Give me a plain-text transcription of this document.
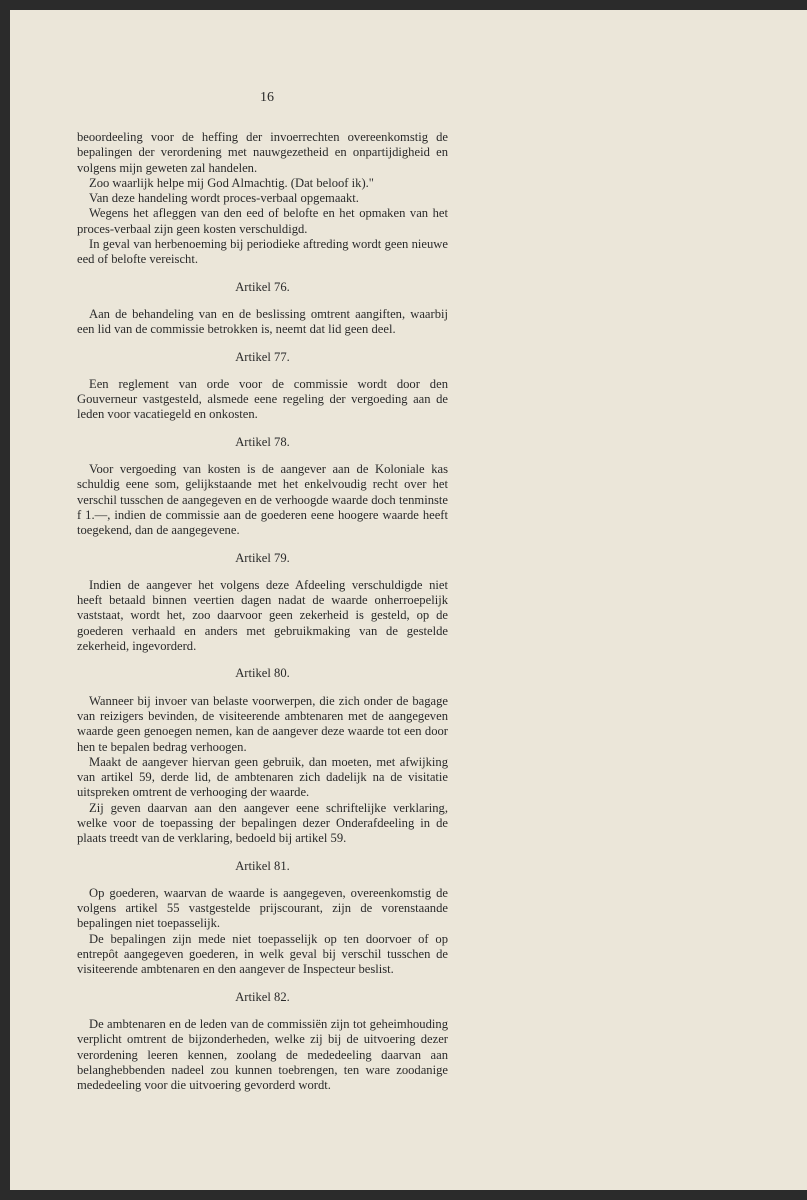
16

beoordeeling voor de heffing der invoerrechten overeenkomstig de bepalingen der verordening met nauwgezetheid en onpartijdigheid en volgens mijn geweten zal handelen.

Zoo waarlijk helpe mij God Almachtig. (Dat beloof ik)."

Van deze handeling wordt proces-verbaal opgemaakt.

Wegens het afleggen van den eed of belofte en het opmaken van het proces-verbaal zijn geen kosten verschuldigd.

In geval van herbenoeming bij periodieke aftreding wordt geen nieuwe eed of belofte vereischt.

Artikel 76.

Aan de behandeling van en de beslissing omtrent aangiften, waarbij een lid van de commissie betrokken is, neemt dat lid geen deel.

Artikel 77.

Een reglement van orde voor de commissie wordt door den Gouverneur vastgesteld, alsmede eene regeling der vergoeding aan de leden voor vacatiegeld en onkosten.

Artikel 78.

Voor vergoeding van kosten is de aangever aan de Koloniale kas schuldig eene som, gelijkstaande met het enkelvoudig recht over het verschil tusschen de aangegeven en de verhoogde waarde doch tenminste f 1.—, indien de commissie aan de goederen eene hoogere waarde heeft toegekend, dan de aangegevene.

Artikel 79.

Indien de aangever het volgens deze Afdeeling verschuldigde niet heeft betaald binnen veertien dagen nadat de waarde onherroepelijk vaststaat, wordt het, zoo daarvoor geen zekerheid is gesteld, op de goederen verhaald en anders met gebruikmaking van de gestelde zekerheid, ingevorderd.

Artikel 80.

Wanneer bij invoer van belaste voorwerpen, die zich onder de bagage van reizigers bevinden, de visiteerende ambtenaren met de aangegeven waarde geen genoegen nemen, kan de aangever deze waarde tot een door hen te bepalen bedrag verhoogen.

Maakt de aangever hiervan geen gebruik, dan moeten, met afwijking van artikel 59, derde lid, de ambtenaren zich dadelijk na de visitatie uitspreken omtrent de verhooging der waarde.

Zij geven daarvan aan den aangever eene schriftelijke verklaring, welke voor de toepassing der bepalingen dezer Onderafdeeling in de plaats treedt van de verklaring, bedoeld bij artikel 59.

Artikel 81.

Op goederen, waarvan de waarde is aangegeven, overeenkomstig de volgens artikel 55 vastgestelde prijscourant, zijn de vorenstaande bepalingen niet toepasselijk.

De bepalingen zijn mede niet toepasselijk op ten doorvoer of op entrepôt aangegeven goederen, in welk geval bij verschil tusschen de visiteerende ambtenaren en den aangever de Inspecteur beslist.

Artikel 82.

De ambtenaren en de leden van de commissiën zijn tot geheimhouding verplicht omtrent de bijzonderheden, welke zij bij de uitvoering dezer verordening leeren kennen, zoolang de mededeeling daarvan aan belanghebbenden nadeel zou kunnen toebrengen, ten ware zoodanige mededeeling voor die uitvoering gevorderd wordt.
